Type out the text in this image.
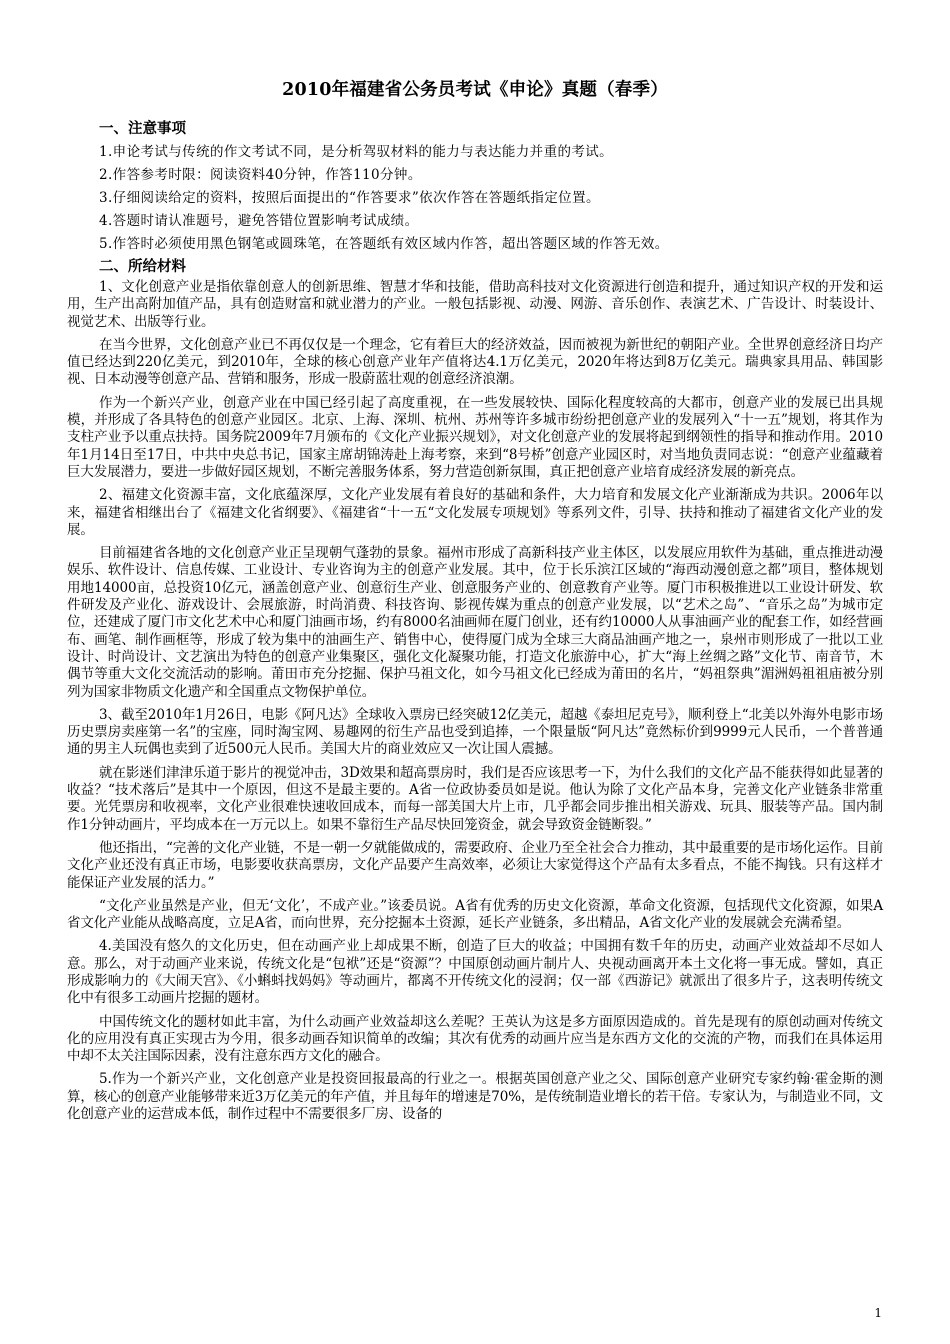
2010年福建省公务员考试《申论》真题（春季）
一、注意事项
1.申论考试与传统的作文考试不同，是分析驾驭材料的能力与表达能力并重的考试。
2.作答参考时限：阅读资料40分钟，作答110分钟。
3.仔细阅读给定的资料，按照后面提出的“作答要求”依次作答在答题纸指定位置。
4.答题时请认准题号，避免答错位置影响考试成绩。
5.作答时必须使用黑色钢笔或圆珠笔，在答题纸有效区域内作答，超出答题区域的作答无效。
二、所给材料

1、文化创意产业是指依靠创意人的创新思维、智慧才华和技能，借助高科技对文化资源进行创造和提升，通过知识产权的开发和运用，生产出高附加值产品，具有创造财富和就业潜力的产业。一般包括影视、动漫、网游、音乐创作、表演艺术、广告设计、时装设计、视觉艺术、出版等行业。

在当今世界，文化创意产业已不再仅仅是一个理念，它有着巨大的经济效益，因而被视为新世纪的朝阳产业。全世界创意经济日均产值已经达到220亿美元，到2010年，全球的核心创意产业年产值将达4.1万亿美元，2020年将达到8万亿美元。瑞典家具用品、韩国影视、日本动漫等创意产品、营销和服务，形成一股蔚蓝壮观的创意经济浪潮。

作为一个新兴产业，创意产业在中国已经引起了高度重视，在一些发展较快、国际化程度较高的大都市，创意产业的发展已出具规模，并形成了各具特色的创意产业园区。北京、上海、深圳、杭州、苏州等许多城市纷纷把创意产业的发展列入“十一五”规划，将其作为支柱产业予以重点扶持。国务院2009年7月颁布的《文化产业振兴规划》，对文化创意产业的发展将起到纲领性的指导和推动作用。2010年1月14日至17日，中共中央总书记，国家主席胡锦涛赴上海考察，来到“8号桥”创意产业园区时，对当地负责同志说：“创意产业蕴藏着巨大发展潜力，要进一步做好园区规划，不断完善服务体系，努力营造创新氛围，真正把创意产业培育成经济发展的新亮点。

2、福建文化资源丰富，文化底蕴深厚，文化产业发展有着良好的基础和条件，大力培育和发展文化产业渐渐成为共识。2006年以来，福建省相继出台了《福建文化省纲要》、《福建省“十一五“文化发展专项规划》等系列文件，引导、扶持和推动了福建省文化产业的发展。

目前福建省各地的文化创意产业正呈现朝气蓬勃的景象。福州市形成了高新科技产业主体区，以发展应用软件为基础，重点推进动漫娱乐、软件设计、信息传媒、工业设计、专业咨询为主的创意产业发展。其中，位于长乐滨江区域的“海西动漫创意之都”项目，整体规划用地14000亩，总投资10亿元，涵盖创意产业、创意衍生产业、创意服务产业的、创意教育产业等。厦门市积极推进以工业设计研发、软件研发及产业化、游戏设计、会展旅游，时尚消费、科技咨询、影视传媒为重点的创意产业发展，以“艺术之岛”、“音乐之岛”为城市定位，还建成了厦门市文化艺术中心和厦门油画市场，约有8000名油画师在厦门创业，还有约10000人从事油画产业的配套工作，如经营画布、画笔、制作画框等，形成了较为集中的油画生产、销售中心，使得厦门成为全球三大商品油画产地之一，泉州市则形成了一批以工业设计、时尚设计、文艺演出为特色的创意产业集聚区，强化文化凝聚功能，打造文化旅游中心，扩大“海上丝绸之路”文化节、南音节，木偶节等重大文化交流活动的影响。莆田市充分挖掘、保护马祖文化，如今马祖文化已经成为莆田的名片，“妈祖祭典”湄洲妈祖祖庙被分别列为国家非物质文化遗产和全国重点文物保护单位。

3、截至2010年1月26日，电影《阿凡达》全球收入票房已经突破12亿美元，超越《泰坦尼克号》，顺利登上“北美以外海外电影市场历史票房卖座第一名”的宝座，同时淘宝网、易趣网的衍生产品也受到追捧，一个限量版“阿凡达”竟然标价到9999元人民币，一个普普通通的男主人玩偶也卖到了近500元人民币。美国大片的商业效应又一次让国人震撼。

就在影迷们津津乐道于影片的视觉冲击，3D效果和超高票房时，我们是否应该思考一下，为什么我们的文化产品不能获得如此显著的收益？“技术落后”是其中一个原因，但这不是最主要的。A省一位政协委员如是说。他认为除了文化产品本身，完善文化产业链条非常重要。光凭票房和收视率，文化产业很难快速收回成本，而每一部美国大片上市，几乎都会同步推出相关游戏、玩具、服装等产品。国内制作1分钟动画片，平均成本在一万元以上。如果不靠衍生产品尽快回笼资金，就会导致资金链断裂。”

他还指出，“完善的文化产业链，不是一朝一夕就能做成的，需要政府、企业乃至全社会合力推动，其中最重要的是市场化运作。目前文化产业还没有真正市场，电影要收获高票房，文化产品要产生高效率，必须让大家觉得这个产品有太多看点，不能不掏钱。只有这样才能保证产业发展的活力。”

“文化产业虽然是产业，但无‘文化’，不成产业。”该委员说。A省有优秀的历史文化资源，革命文化资源，包括现代文化资源，如果A省文化产业能从战略高度，立足A省，而向世界，充分挖掘本土资源，延长产业链条，多出精品，A省文化产业的发展就会充满希望。

4.美国没有悠久的文化历史，但在动画产业上却成果不断，创造了巨大的收益；中国拥有数千年的历史，动画产业效益却不尽如人意。那么，对于动画产业来说，传统文化是“包袱”还是“资源”？中国原创动画片制片人、央视动画离开本土文化将一事无成。譬如，真正形成影响力的《大闹天宫》、《小蝌蚪找妈妈》等动画片，都离不开传统文化的浸润；仅一部《西游记》就派出了很多片子，这表明传统文化中有很多工动画片挖掘的题材。

中国传统文化的题材如此丰富，为什么动画产业效益却这么差呢？王英认为这是多方面原因造成的。首先是现有的原创动画对传统文化的应用没有真正实现古为今用，很多动画吞知识简单的改编；其次有优秀的动画片应当是东西方文化的交流的产物，而我们在具体运用中却不太关注国际因素，没有注意东西方文化的融合。

5.作为一个新兴产业，文化创意产业是投资回报最高的行业之一。根据英国创意产业之父、国际创意产业研究专家约翰·霍金斯的测算，核心的创意产业能够带来近3万亿美元的年产值，并且每年的增速是70%，是传统制造业增长的若干倍。专家认为，与制造业不同，文化创意产业的运营成本低，制作过程中不需要很多厂房、设备的

1
